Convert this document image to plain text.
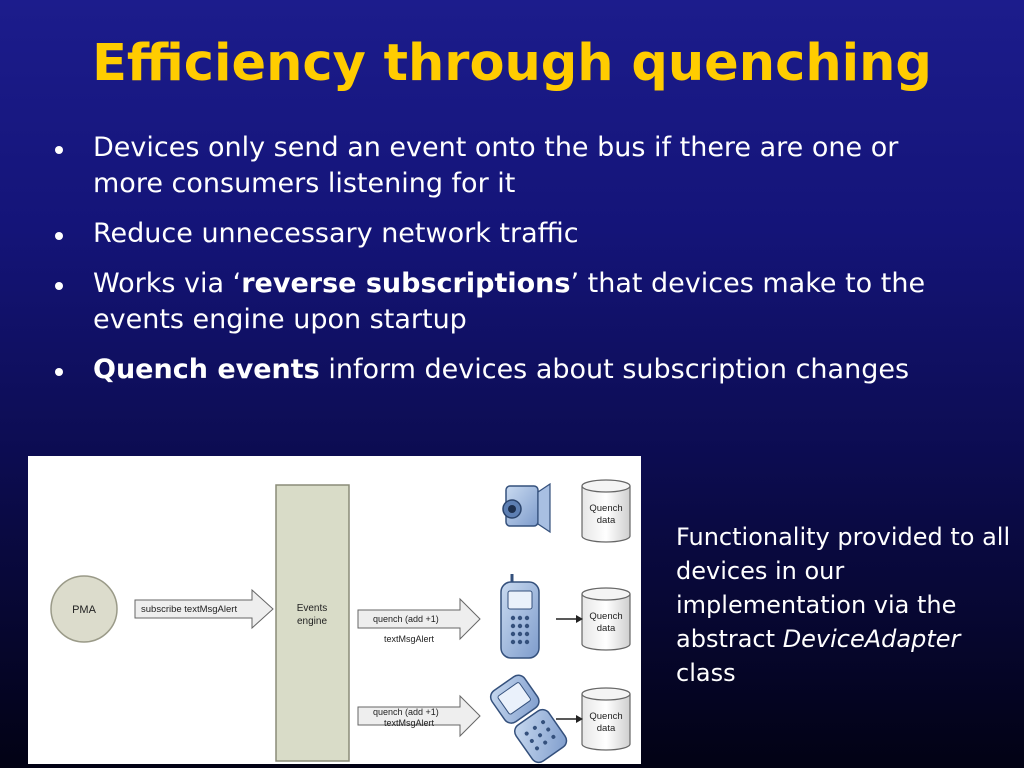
Efficiency through quenching
Devices only send an event onto the bus if there are one or more consumers listening for it
Reduce unnecessary network traffic
Works via ‘reverse subscriptions’ that devices make to the events engine upon startup
Quench events inform devices about subscription changes
PMA	subscribe textMsgAlert	Events
engine	quench (add +1)
textMsgAlert
quench (add +1)
textMsgAlert
Quench
data
Quench
data
Quench
data
Functionality provided to all devices in our implementation via the abstract DeviceAdapter class
